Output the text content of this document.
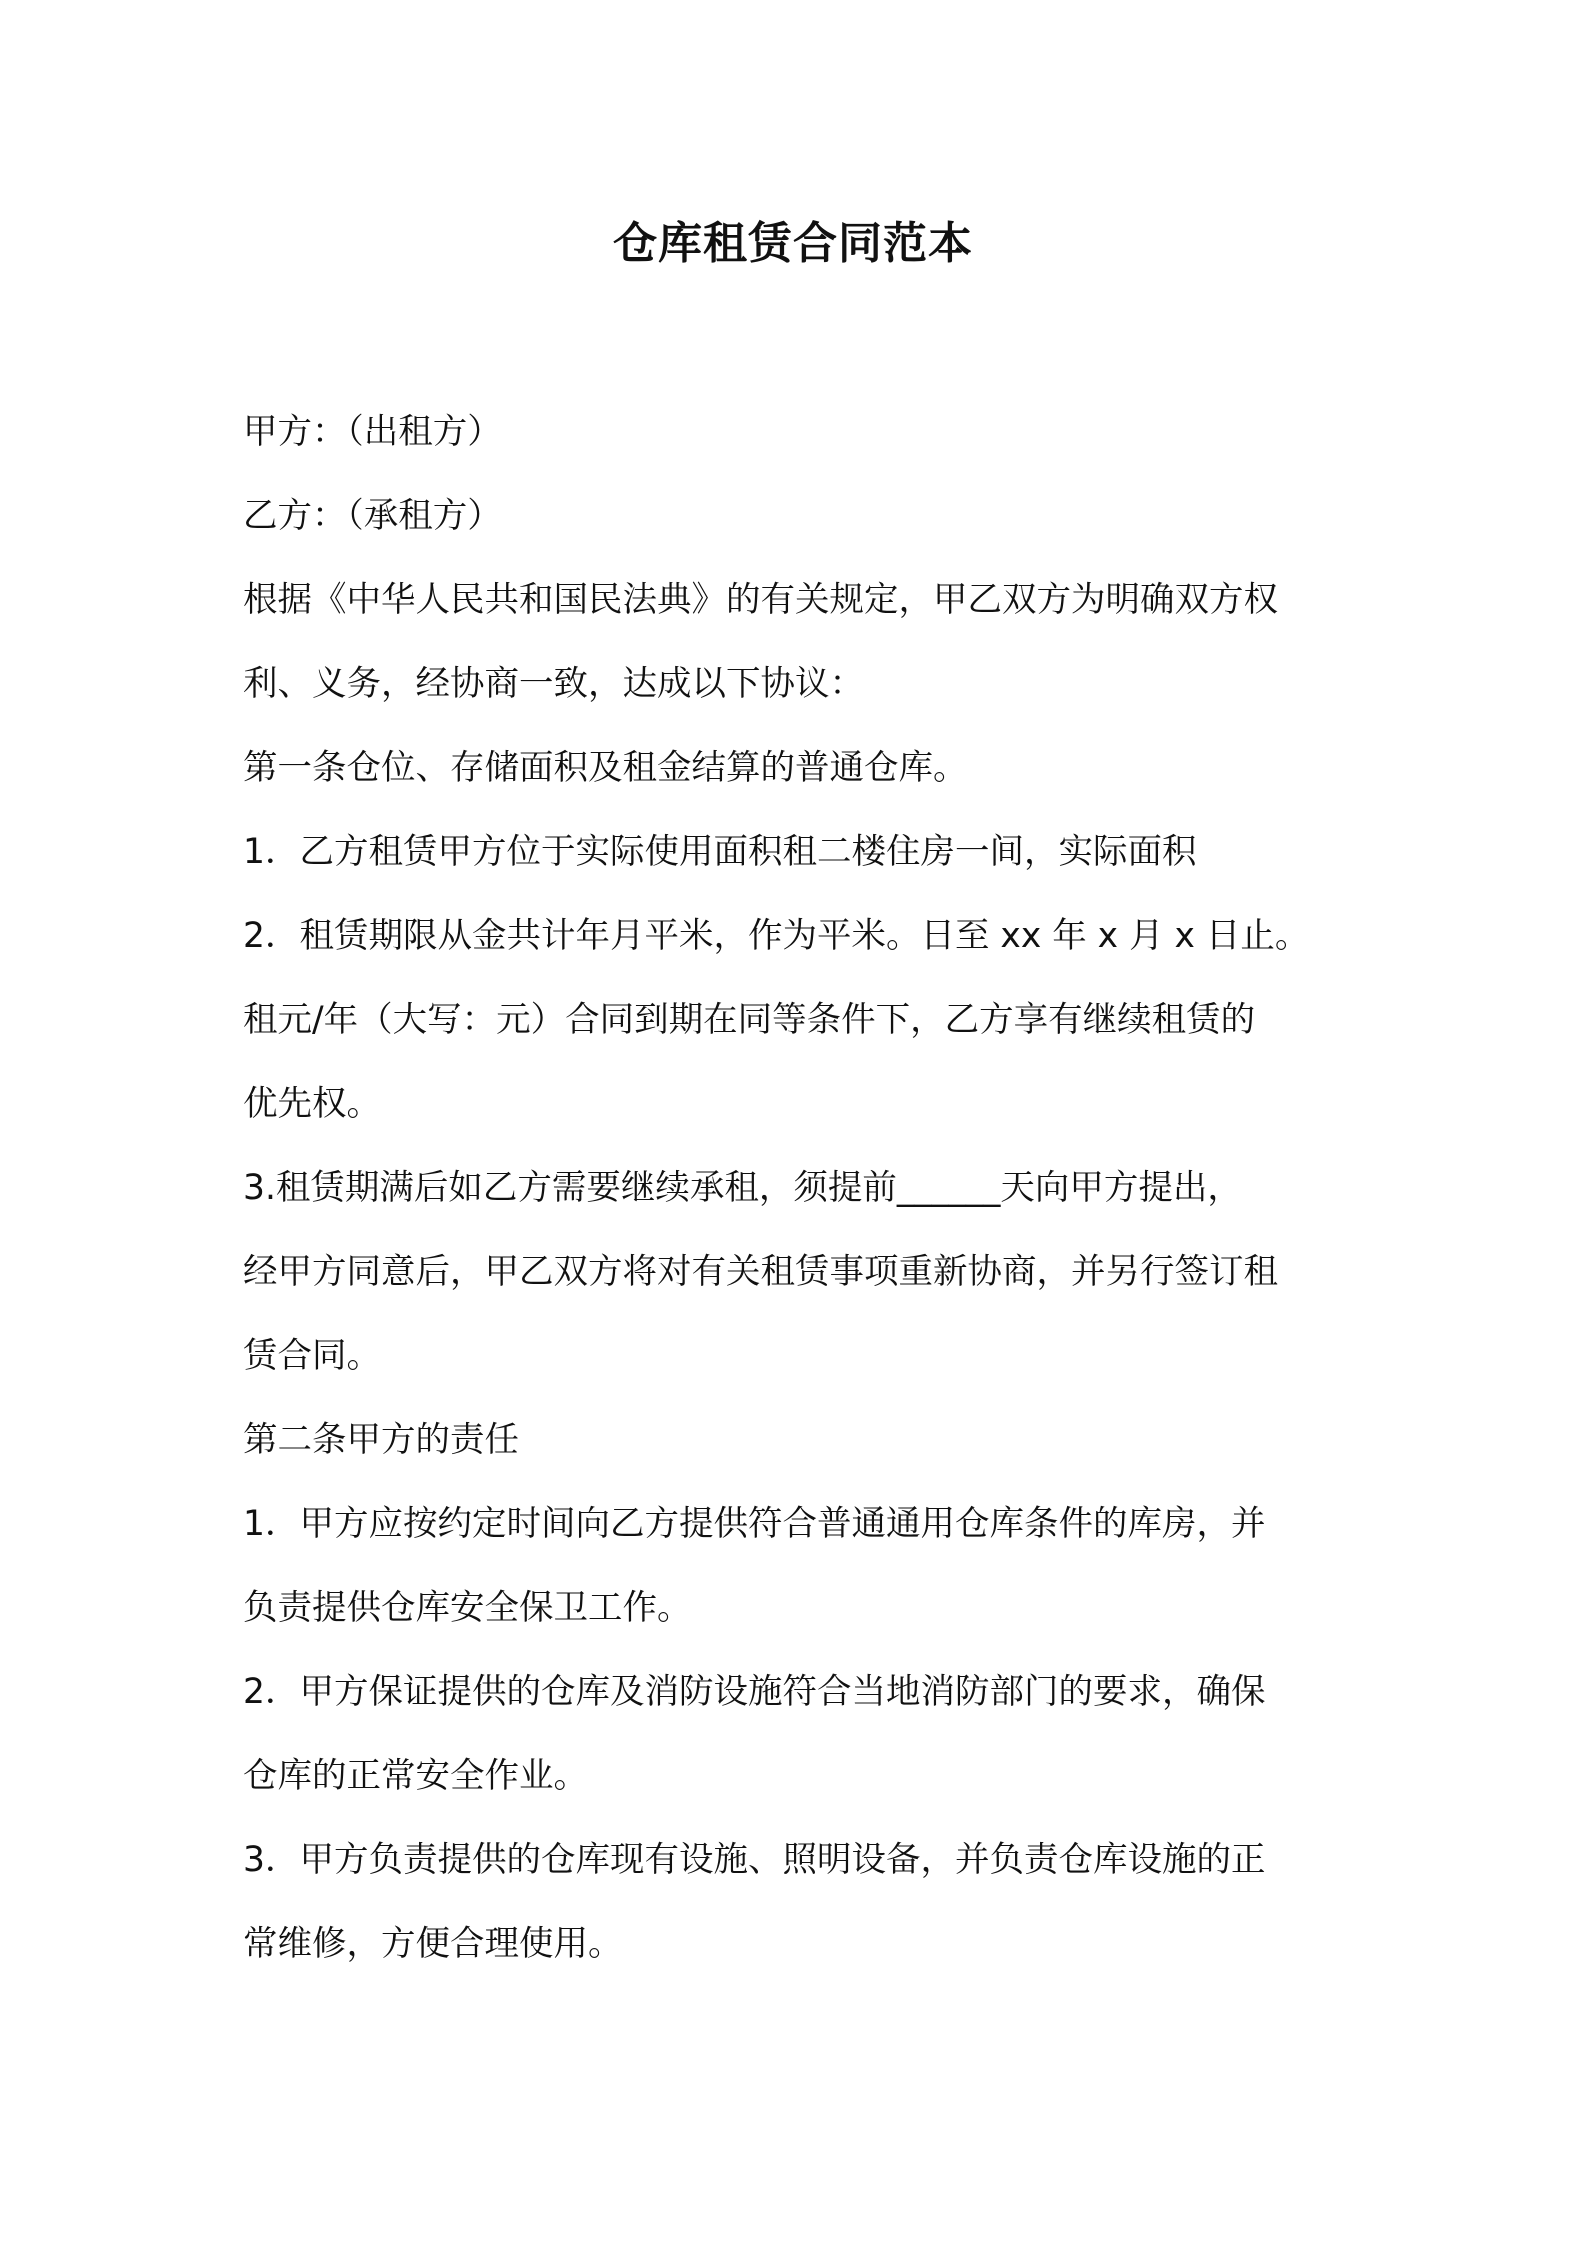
仓库租赁合同范本
甲方：（出租方）
乙方：（承租方）
根据《中华人民共和国民法典》的有关规定，甲乙双方为明确双方权
利、义务，经协商一致，达成以下协议：
第一条仓位、存储面积及租金结算的普通仓库。
1．乙方租赁甲方位于实际使用面积租二楼住房一间，实际面积
2．租赁期限从金共计年月平米，作为平米。日至 xx 年 x 月 x 日止。
租元/年（大写：元）合同到期在同等条件下，乙方享有继续租赁的
优先权。
3.租赁期满后如乙方需要继续承租，须提前______天向甲方提出，
经甲方同意后，甲乙双方将对有关租赁事项重新协商，并另行签订租
赁合同。
第二条甲方的责任
1．甲方应按约定时间向乙方提供符合普通通用仓库条件的库房，并
负责提供仓库安全保卫工作。
2．甲方保证提供的仓库及消防设施符合当地消防部门的要求，确保
仓库的正常安全作业。
3．甲方负责提供的仓库现有设施、照明设备，并负责仓库设施的正
常维修，方便合理使用。
